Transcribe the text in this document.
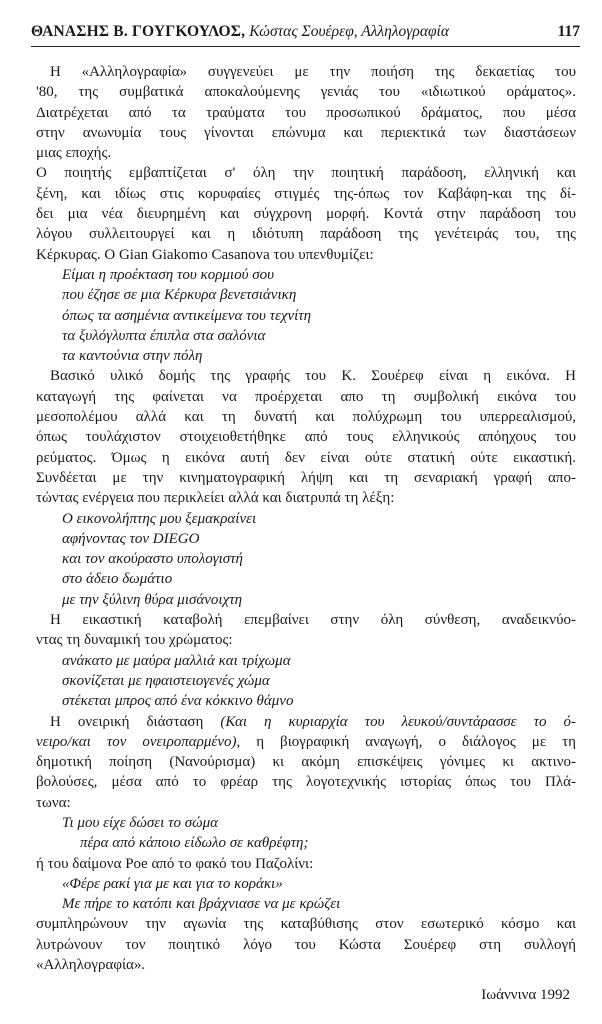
ΘΑΝΑΣΗΣ Β. ΓΟΥΓΚΟΥΛΟΣ, Κώστας Σουέρεφ, Αλληλογραφία	117
Η «Αλληλογραφία» συγγενεύει με την ποιήση της δεκαετίας του
'80, της συμβατικά αποκαλούμενης γενιάς του «ιδιωτικού οράματος».
Διατρέχεται από τα τραύματα του προσωπικού δράματος, που μέσα
στην ανωνυμία τους γίνονται επώνυμα και περιεκτικά των διαστάσεων
μιας εποχής.
Ο ποιητής εμβαπτίζεται σ' όλη την ποιητική παράδοση, ελληνική και
ξένη, και ιδίως στις κορυφαίες στιγμές της-όπως τον Καβάφη-και της δί-
δει μια νέα διευρημένη και σύγχρονη μορφή. Κοντά στην παράδοση του
λόγου συλλειτουργεί και η ιδιότυπη παράδοση της γενέτειράς του, της
Κέρκυρας. O Gian Giakomo Casanova του υπενθυμίζει:
Είμαι η προέκταση του κορμιού σου
που έζησε σε μια Κέρκυρα βενετσιάνικη
όπως τα ασημένια αντικείμενα του τεχνίτη
τα ξυλόγλυπτα έπιπλα στα σαλόνια
τα καντούνια στην πόλη
Βασικό υλικό δομής της γραφής του Κ. Σουέρεφ είναι η εικόνα. Η
καταγωγή της φαίνεται να προέρχεται απο τη συμβολική εικόνα του
μεσοπολέμου αλλά και τη δυνατή και πολύχρωμη του υπερρεαλισμού,
όπως τουλάχιστον στοιχειοθετήθηκε από τους ελληνικούς απόηχους του
ρεύματος. Όμως η εικόνα αυτή δεν είναι ούτε στατική ούτε εικαστική.
Συνδέεται με την κινηματογραφική λήψη και τη σεναριακή γραφή απο-
τώντας ενέργεια που περικλείει αλλά και διατρυπά τη λέξη:
Ο εικονολήπτης μου ξεμακραίνει
αφήνοντας τον DIEGO
και τον ακούραστο υπολογιστή
στο άδειο δωμάτιο
με την ξύλινη θύρα μισάνοιχτη
Η εικαστική καταβολή επεμβαίνει στην όλη σύνθεση, αναδεικνύο-
ντας τη δυναμική του χρώματος:
ανάκατο με μαύρα μαλλιά και τρίχωμα
σκονίζεται με ηφαιστειογενές χώμα
στέκεται μπρος από ένα κόκκινο θάμνο
Η ονειρική διάσταση (Και η κυριαρχία του λευκού/συντάρασσε το ό-
νειρο/και τον ονειροπαρμένο), η βιογραφική αναγωγή, ο διάλογος με τη
δημοτική ποίηση (Νανούρισμα) κι ακόμη επισκέψεις γόνιμες κι ακτινο-
βολούσες, μέσα από το φρέαρ της λογοτεχνικής ιστορίας όπως του Πλά-
τωνα:
Τι μου είχε δώσει το σώμα
πέρα από κάποιο είδωλο σε καθρέφτη;
ή του δαίμονα Poe από το φακό του Παζολίνι:
«Φέρε ρακί για με και για το κοράκι»
Με πήρε το κατόπι και βράχνιασε να με κρώζει
συμπληρώνουν την αγωνία της καταβύθισης στον εσωτερικό κόσμο και
λυτρώνουν τον ποιητικό λόγο του Κώστα Σουέρεφ στη συλλογή
«Αλληλογραφία».
Ιωάννινα 1992
